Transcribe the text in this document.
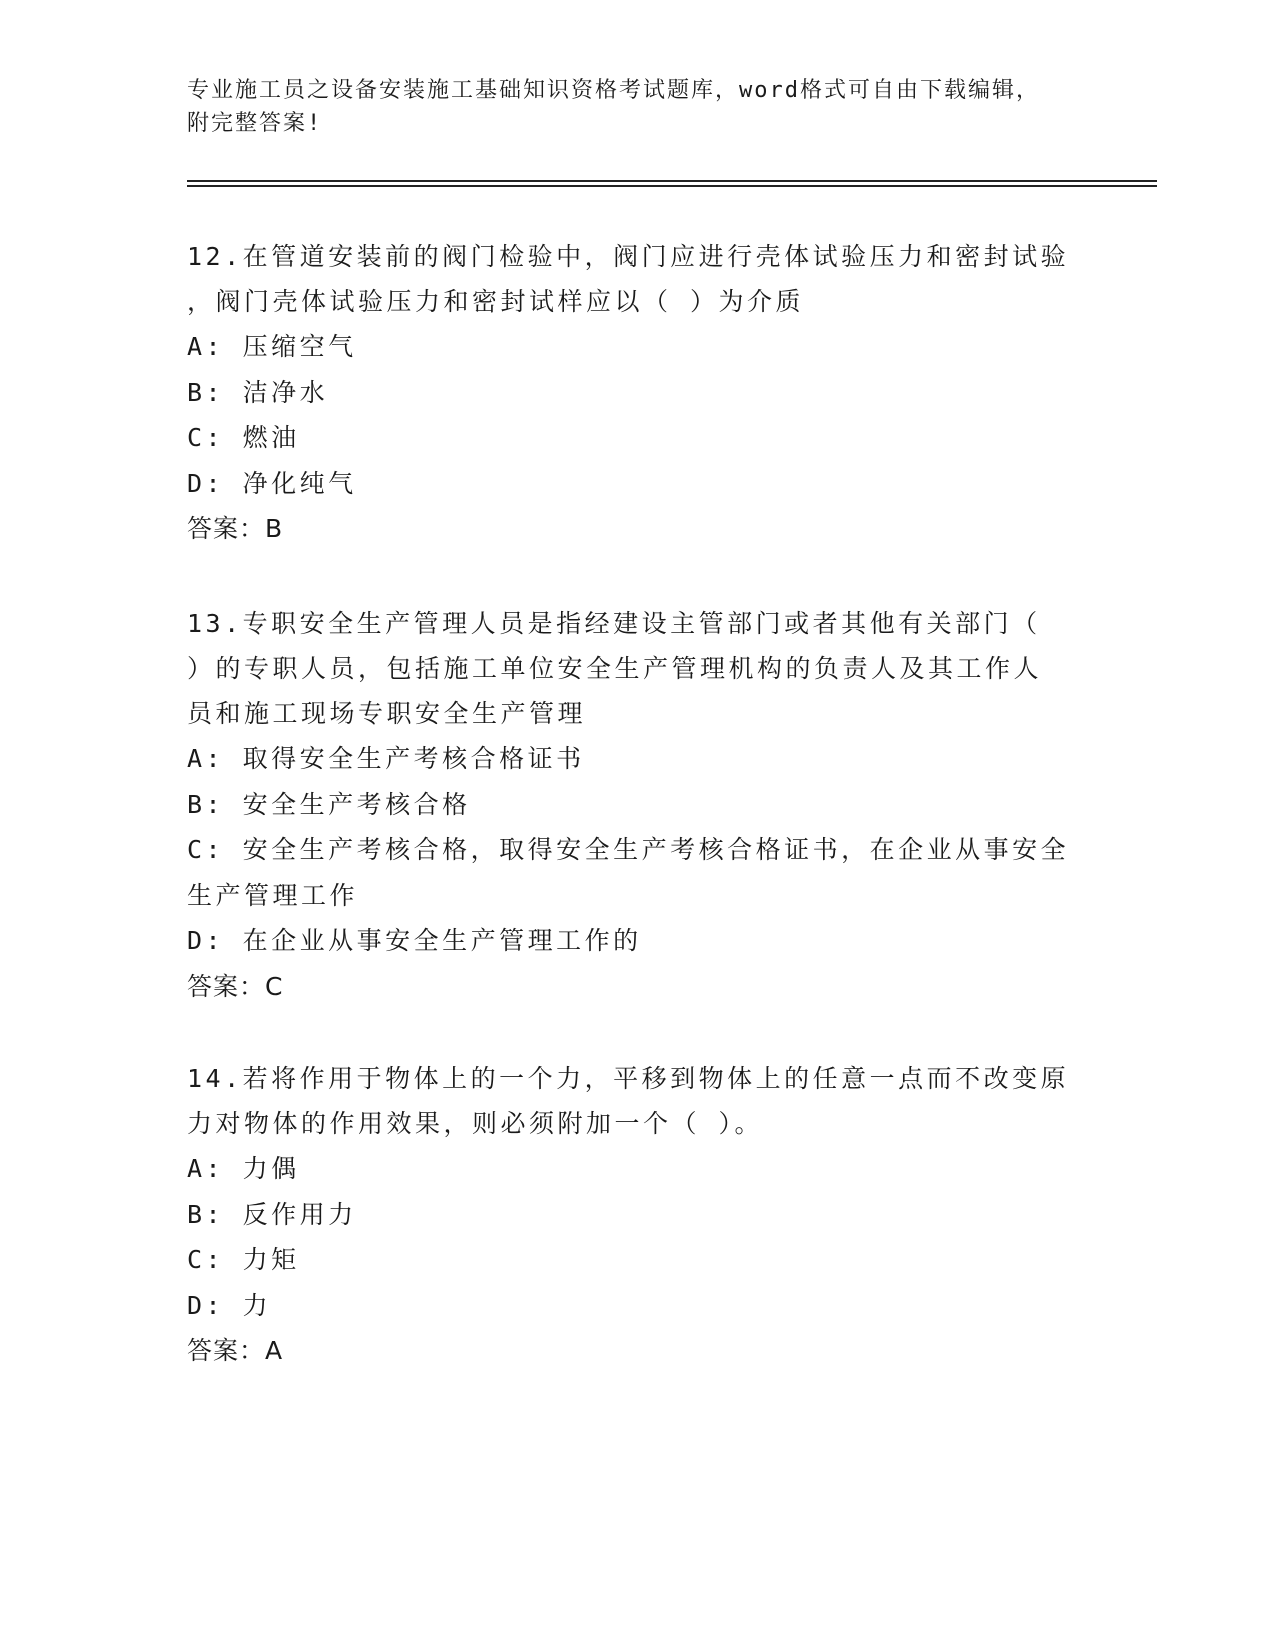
专业施工员之设备安装施工基础知识资格考试题库，word格式可自由下载编辑，
附完整答案!
12.在管道安装前的阀门检验中，阀门应进行壳体试验压力和密封试验
，阀门壳体试验压力和密封试样应以（ ）为介质
A: 压缩空气
B: 洁净水
C: 燃油
D: 净化纯气
答案：B
13.专职安全生产管理人员是指经建设主管部门或者其他有关部门（
）的专职人员，包括施工单位安全生产管理机构的负责人及其工作人
员和施工现场专职安全生产管理
A: 取得安全生产考核合格证书
B: 安全生产考核合格
C: 安全生产考核合格，取得安全生产考核合格证书，在企业从事安全
生产管理工作
D: 在企业从事安全生产管理工作的
答案：C
14.若将作用于物体上的一个力，平移到物体上的任意一点而不改变原
力对物体的作用效果，则必须附加一个（ ）。
A: 力偶
B: 反作用力
C: 力矩
D: 力
答案：A
